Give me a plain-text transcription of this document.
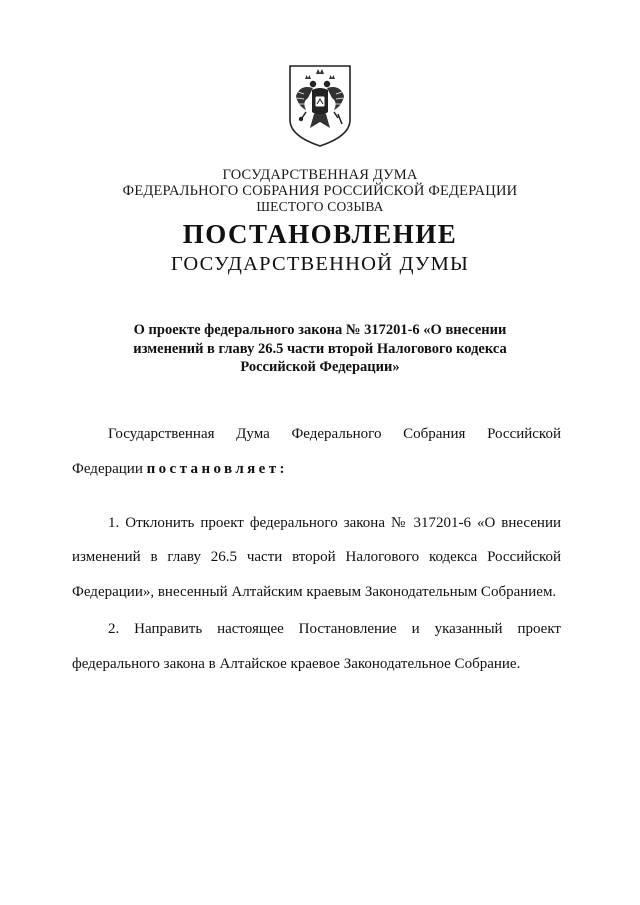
ГОСУДАРСТВЕННАЯ ДУМА
ФЕДЕРАЛЬНОГО СОБРАНИЯ РОССИЙСКОЙ ФЕДЕРАЦИИ
ШЕСТОГО СОЗЫВА
ПОСТАНОВЛЕНИЕ
ГОСУДАРСТВЕННОЙ ДУМЫ
О проекте федерального закона № 317201-6 «О внесении
изменений в главу 26.5 части второй Налогового кодекса
Российской Федерации»
Государственная Дума Федерального Собрания Российской
Федерации постановляет:
1. Отклонить проект федерального закона № 317201-6 «О внесении
изменений в главу 26.5 части второй Налогового кодекса Российской
Федерации», внесенный Алтайским краевым Законодательным Собранием.
2. Направить настоящее Постановление и указанный проект
федерального закона в Алтайское краевое Законодательное Собрание.
